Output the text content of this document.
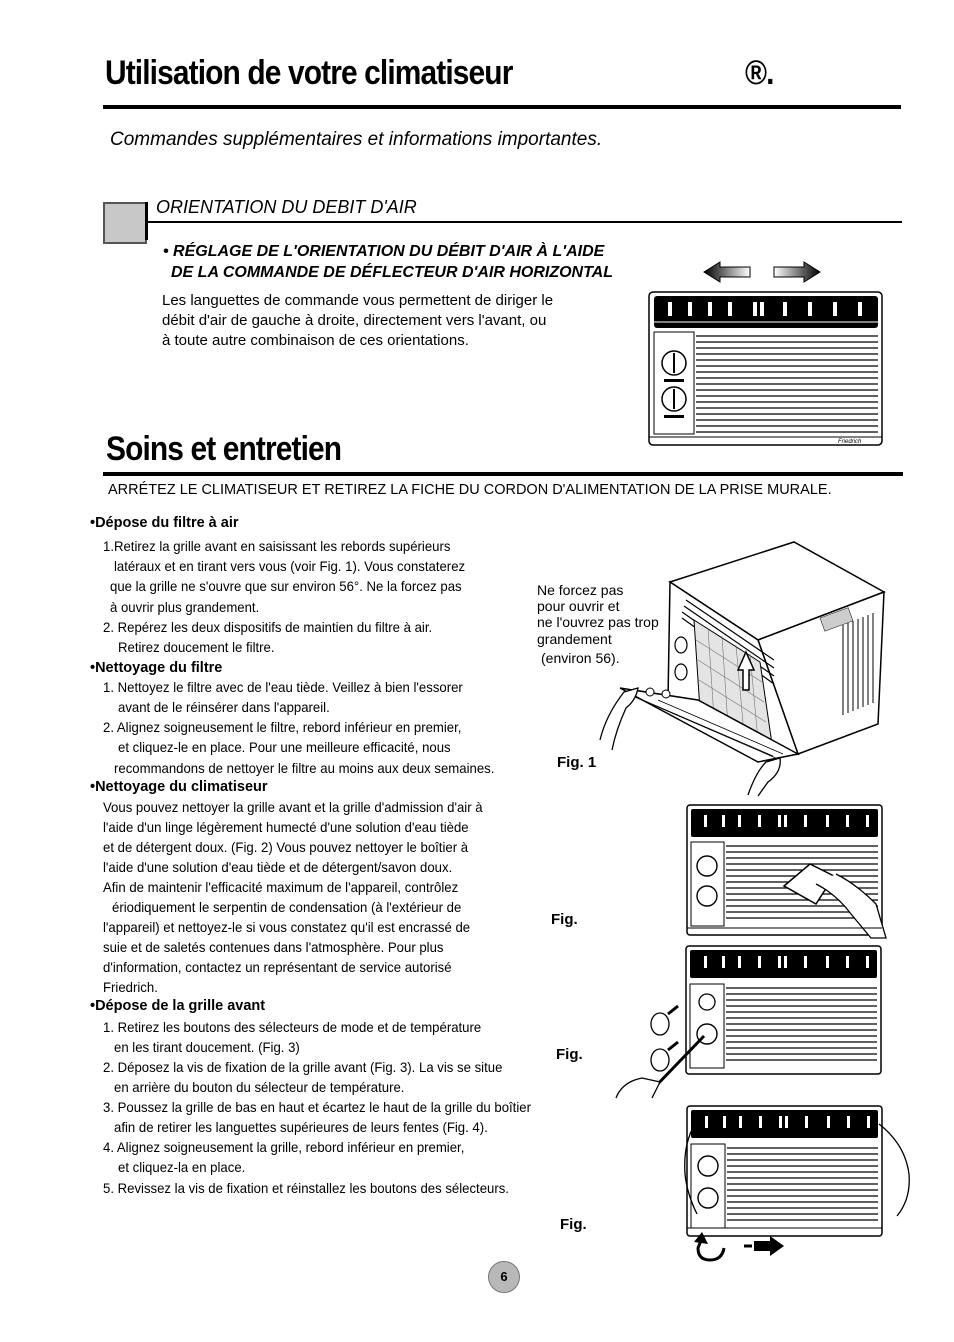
Utilisation de votre climatiseur	®.
Commandes supplémentaires et informations importantes.
ORIENTATION DU DEBIT D'AIR
• RÉGLAGE DE L'ORIENTATION DU DÉBIT D'AIR À L'AIDE
DE LA COMMANDE DE DÉFLECTEUR D'AIR HORIZONTAL
Les languettes de commande vous permettent de diriger le
débit d'air de gauche à droite, directement vers l'avant, ou
à toute autre combinaison de ces orientations.
Friedrich
Soins et entretien
ARRÉTEZ LE CLIMATISEUR ET RETIREZ LA FICHE DU CORDON D'ALIMENTATION DE LA PRISE MURALE.
•Dépose du filtre à air
1.Retirez la grille avant en saisissant les rebords supérieurs
latéraux et en tirant vers vous (voir Fig. 1). Vous constaterez
que la grille ne s'ouvre que sur environ 56°. Ne la forcez pas
à ouvrir plus grandement.
2. Repérez les deux dispositifs de maintien du filtre à air.
Retirez doucement le filtre.
•Nettoyage du filtre
1. Nettoyez le filtre avec de l'eau tiède. Veillez à bien l'essorer
avant de le réinsérer dans l'appareil.
2. Alignez soigneusement le filtre, rebord inférieur en premier,
et cliquez-le en place. Pour une meilleure efficacité, nous
recommandons de nettoyer le filtre au moins aux deux semaines.
•Nettoyage du climatiseur
Vous pouvez nettoyer la grille avant et la grille d'admission d'air à
l'aide d'un linge légèrement humecté d'une solution d'eau tiède
et de détergent doux. (Fig. 2) Vous pouvez nettoyer le boîtier à
l'aide d'une solution d'eau tiède et de détergent/savon doux.
Afin de maintenir l'efficacité maximum de l'appareil, contrôlez
ériodiquement le serpentin de condensation (à l'extérieur de
l'appareil) et nettoyez-le si vous constatez qu'il est encrassé de
suie et de saletés contenues dans l'atmosphère. Pour plus
d'information, contactez un représentant de service autorisé
Friedrich.
•Dépose de la grille avant
1. Retirez les boutons des sélecteurs de mode et de température
en les tirant doucement. (Fig. 3)
2. Déposez la vis de fixation de la grille avant (Fig. 3). La vis se situe
en arrière du bouton du sélecteur de température.
3. Poussez la grille de bas en haut et écartez le haut de la grille du boîtier
afin de retirer les languettes supérieures de leurs fentes (Fig. 4).
4. Alignez soigneusement la grille, rebord inférieur en premier,
et cliquez-la en place.
5. Revissez la vis de fixation et réinstallez les boutons des sélecteurs.
Ne forcez pas
pour ouvrir et
ne l'ouvrez pas trop
grandement
(environ 56).
Fig. 1
Fig.
Fig.
Fig.
6
